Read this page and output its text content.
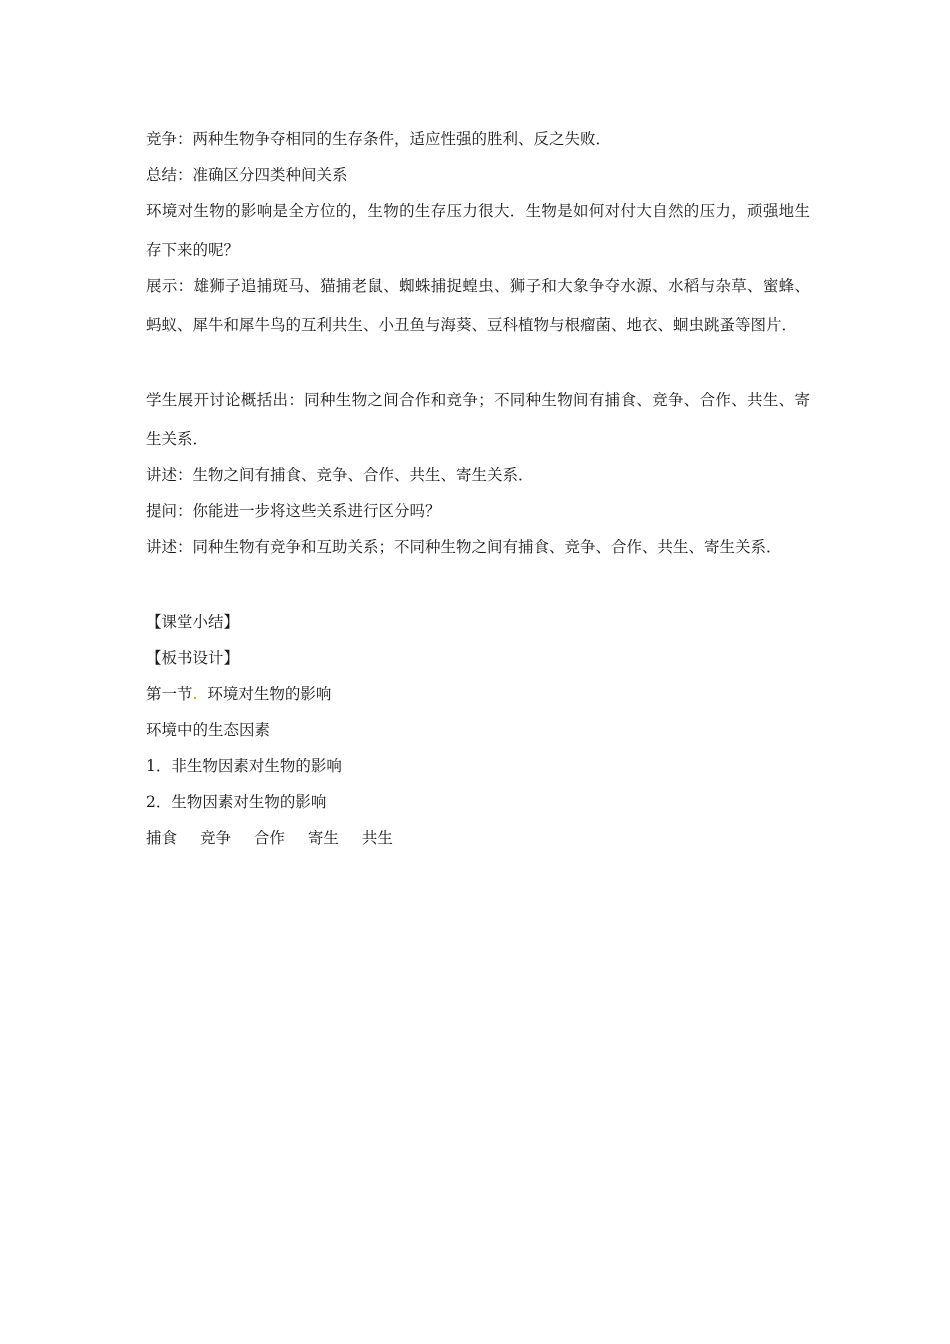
竞争：两种生物争夺相同的生存条件，适应性强的胜利、反之失败．
总结：准确区分四类种间关系
环境对生物的影响是全方位的，生物的生存压力很大．生物是如何对付大自然的压力，顽强地生存下来的呢？
展示：雄狮子追捕斑马、猫捕老鼠、蜘蛛捕捉蝗虫、狮子和大象争夺水源、水稻与杂草、蜜蜂、蚂蚁、犀牛和犀牛鸟的互利共生、小丑鱼与海葵、豆科植物与根瘤菌、地衣、蛔虫跳蚤等图片．
学生展开讨论概括出：同种生物之间合作和竞争；不同种生物间有捕食、竞争、合作、共生、寄生关系．
讲述：生物之间有捕食、竞争、合作、共生、寄生关系．
提问：你能进一步将这些关系进行区分吗？
讲述：同种生物有竞争和互助关系；不同种生物之间有捕食、竞争、合作、共生、寄生关系．
【课堂小结】
【板书设计】
第一节. 环境对生物的影响
环境中的生态因素
1．非生物因素对生物的影响
2．生物因素对生物的影响
捕食 竞争 合作 寄生 共生
